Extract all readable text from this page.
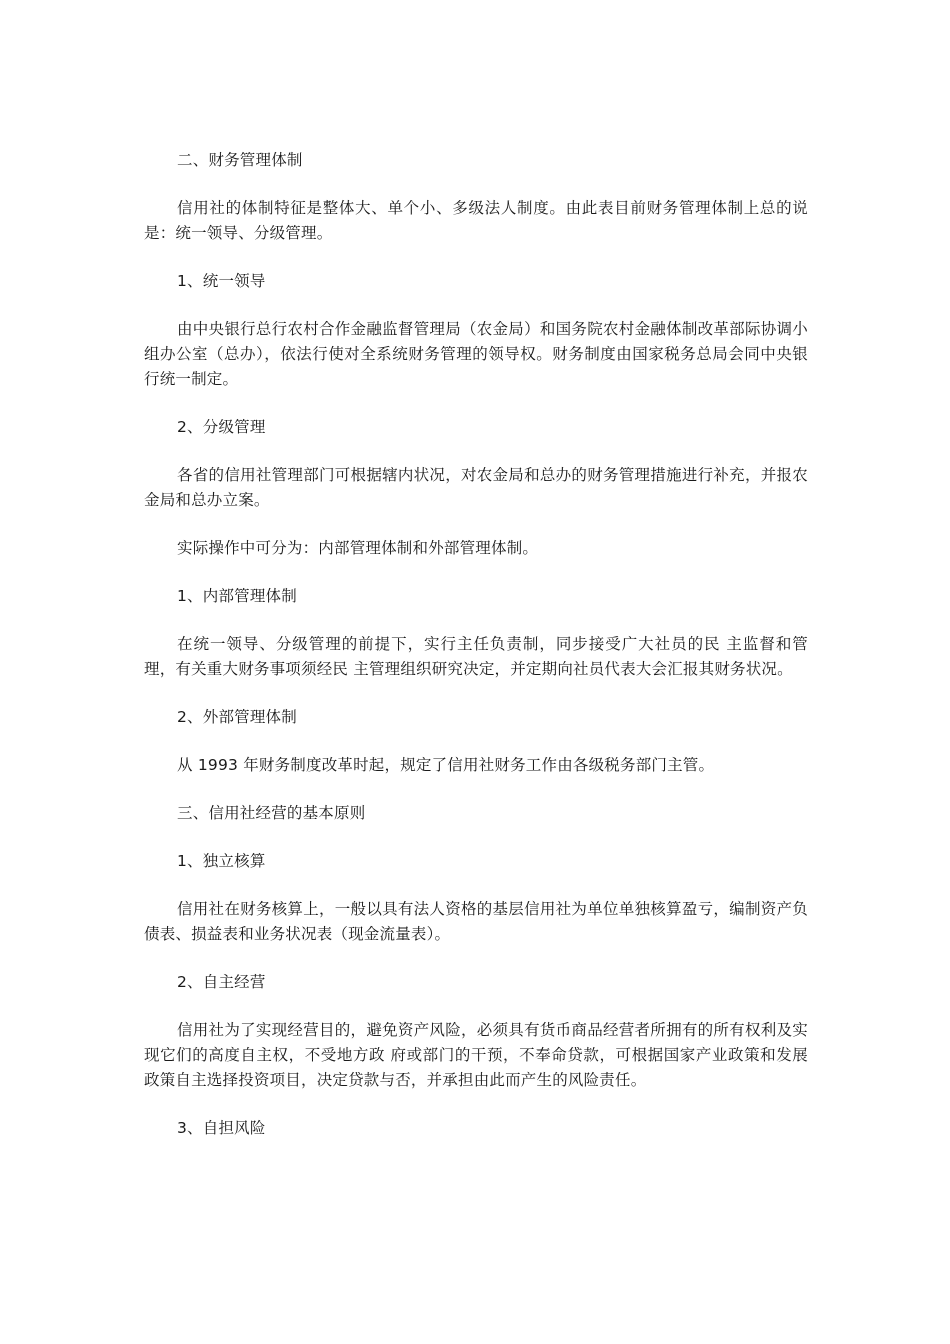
二、财务管理体制

信用社的体制特征是整体大、单个小、多级法人制度。由此表目前财务管理体制上总的说是：统一领导、分级管理。

1、统一领导

由中央银行总行农村合作金融监督管理局（农金局）和国务院农村金融体制改革部际协调小组办公室（总办），依法行使对全系统财务管理的领导权。财务制度由国家税务总局会同中央银行统一制定。

2、分级管理

各省的信用社管理部门可根据辖内状况，对农金局和总办的财务管理措施进行补充，并报农金局和总办立案。

实际操作中可分为：内部管理体制和外部管理体制。

1、内部管理体制

在统一领导、分级管理的前提下，实行主任负责制，同步接受广大社员的民 主监督和管理，有关重大财务事项须经民 主管理组织研究决定，并定期向社员代表大会汇报其财务状况。

2、外部管理体制

从 1993 年财务制度改革时起，规定了信用社财务工作由各级税务部门主管。

三、信用社经营的基本原则

1、独立核算

信用社在财务核算上，一般以具有法人资格的基层信用社为单位单独核算盈亏，编制资产负债表、损益表和业务状况表（现金流量表）。

2、自主经营

信用社为了实现经营目的，避免资产风险，必须具有货币商品经营者所拥有的所有权利及实现它们的高度自主权，不受地方政 府或部门的干预，不奉命贷款，可根据国家产业政策和发展政策自主选择投资项目，决定贷款与否，并承担由此而产生的风险责任。

3、自担风险
